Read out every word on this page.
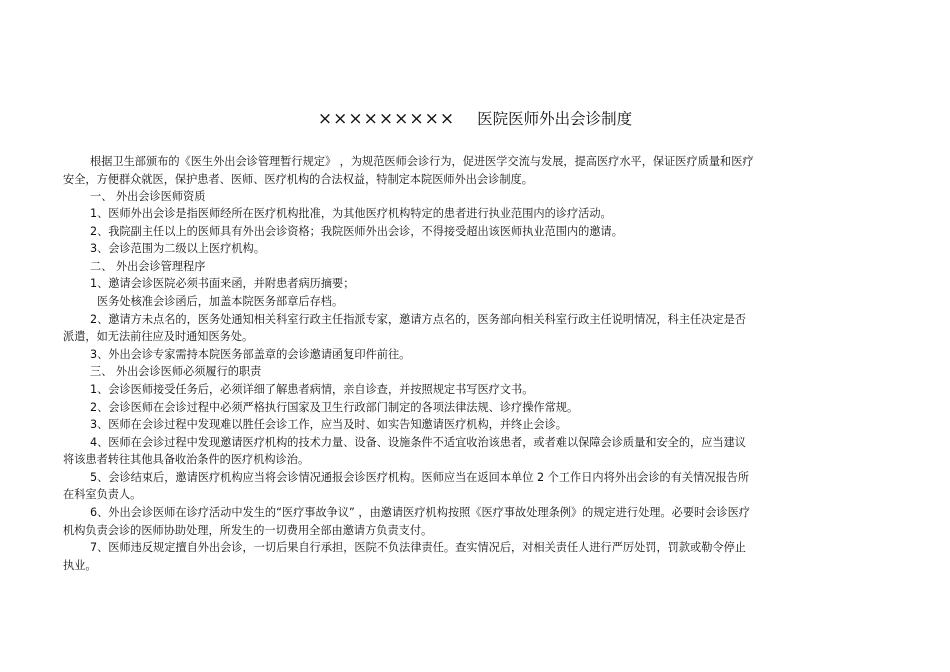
××××××××× 医院医师外出会诊制度
根据卫生部颁布的《医生外出会诊管理暂行规定》 ，为规范医师会诊行为，促进医学交流与发展，提高医疗水平，保证医疗质量和医疗
安全，方便群众就医，保护患者、医师、医疗机构的合法权益，特制定本院医师外出会诊制度。
一、 外出会诊医师资质
1、医师外出会诊是指医师经所在医疗机构批准，为其他医疗机构特定的患者进行执业范围内的诊疗活动。
2、我院副主任以上的医师具有外出会诊资格；我院医师外出会诊，不得接受超出该医师执业范围内的邀请。
3、会诊范围为二级以上医疗机构。
二、 外出会诊管理程序
1、邀请会诊医院必须书面来函，并附患者病历摘要；
医务处核准会诊函后，加盖本院医务部章后存档。
2、邀请方未点名的，医务处通知相关科室行政主任指派专家，邀请方点名的，医务部向相关科室行政主任说明情况，科主任决定是否
派遣，如无法前往应及时通知医务处。
3、外出会诊专家需持本院医务部盖章的会诊邀请函复印件前往。
三、 外出会诊医师必须履行的职责
1、会诊医师接受任务后，必须详细了解患者病情，亲自诊查，并按照规定书写医疗文书。
2、会诊医师在会诊过程中必须严格执行国家及卫生行政部门制定的各项法律法规、诊疗操作常规。
3、医师在会诊过程中发现难以胜任会诊工作，应当及时、如实告知邀请医疗机构，并终止会诊。
4、医师在会诊过程中发现邀请医疗机构的技术力量、设备、设施条件不适宜收治该患者，或者难以保障会诊质量和安全的，应当建议
将该患者转往其他具备收治条件的医疗机构诊治。
5、会诊结束后，邀请医疗机构应当将会诊情况通报会诊医疗机构。医师应当在返回本单位 2 个工作日内将外出会诊的有关情况报告所
在科室负责人。
6、外出会诊医师在诊疗活动中发生的“医疗事故争议” ，由邀请医疗机构按照《医疗事故处理条例》的规定进行处理。必要时会诊医疗
机构负责会诊的医师协助处理，所发生的一切费用全部由邀请方负责支付。
7、医师违反规定擅自外出会诊，一切后果自行承担，医院不负法律责任。查实情况后，对相关责任人进行严厉处罚，罚款或勒令停止
执业。
